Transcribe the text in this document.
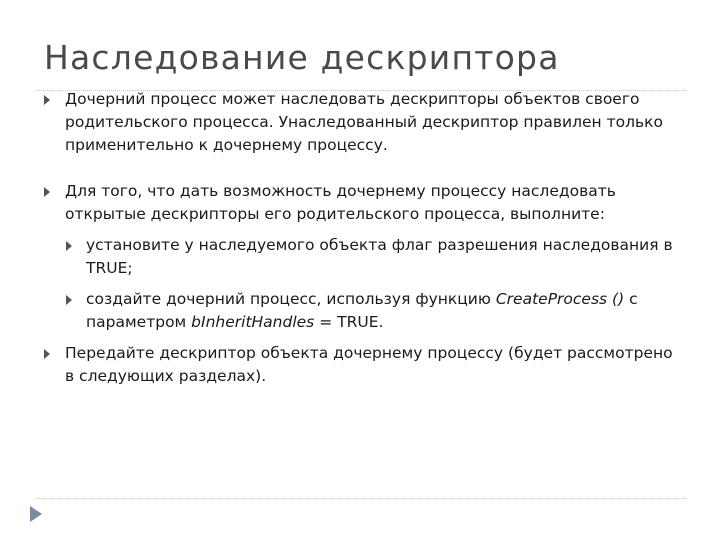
Наследование дескриптора
Дочерний процесс может наследовать дескрипторы объектов своего родительского процесса. Унаследованный дескриптор правилен только применительно к дочернему процессу.
Для того, что дать возможность дочернему процессу наследовать открытые дескрипторы его родительского процесса, выполните:
установите у наследуемого объекта флаг разрешения наследования в TRUE;
создайте дочерний процесс, используя функцию CreateProcess () с параметром bInheritHandles = TRUE.
Передайте дескриптор объекта дочернему процессу (будет рассмотрено в следующих разделах).
